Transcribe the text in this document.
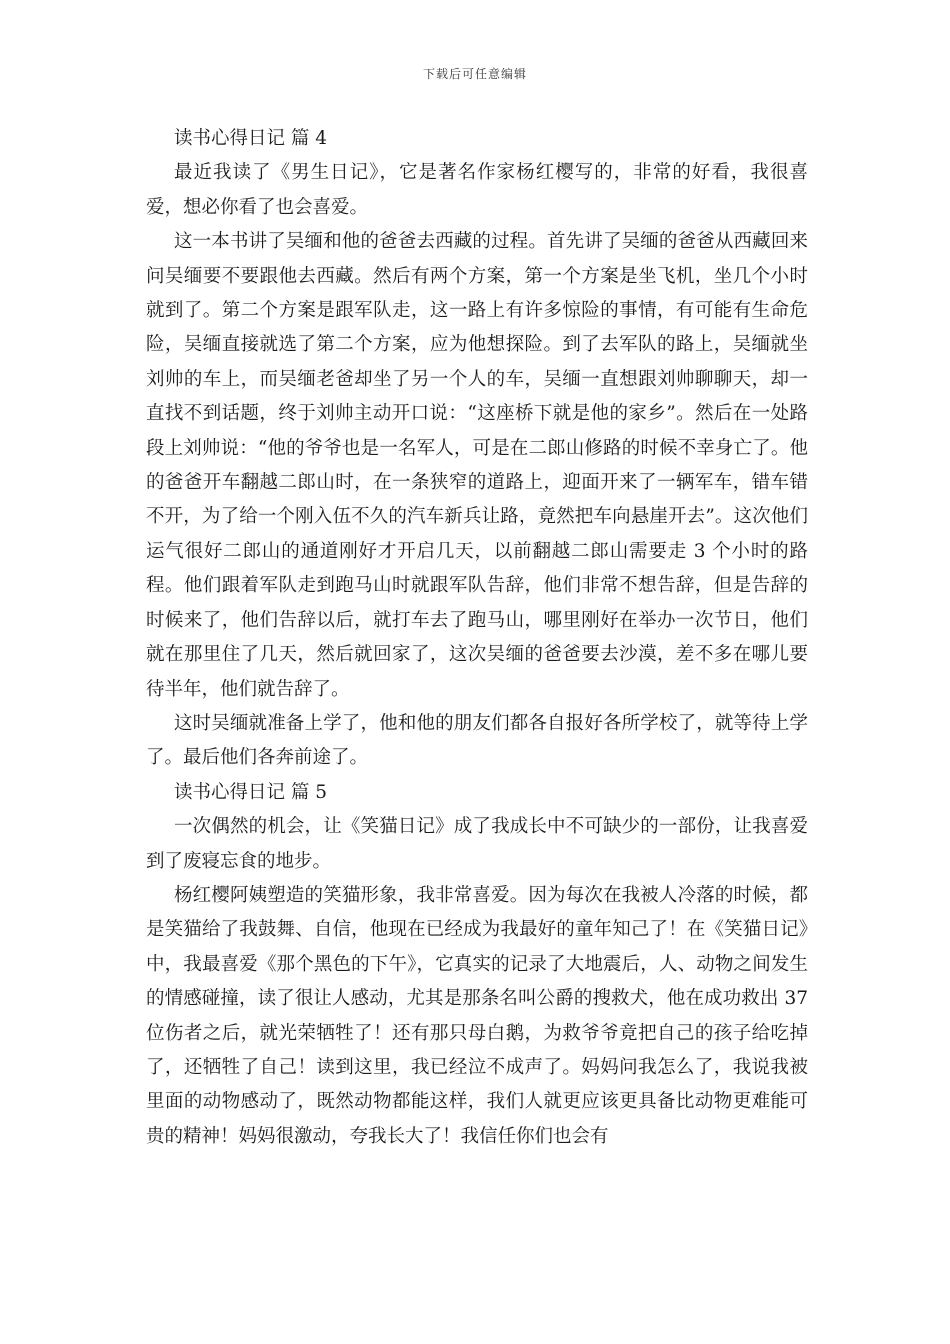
下载后可任意编辑
读书心得日记 篇 4
最近我读了《男生日记》，它是著名作家杨红樱写的，非常的好看，我很喜爱，想必你看了也会喜爱。
这一本书讲了吴缅和他的爸爸去西藏的过程。首先讲了吴缅的爸爸从西藏回来问吴缅要不要跟他去西藏。然后有两个方案，第一个方案是坐飞机，坐几个小时就到了。第二个方案是跟军队走，这一路上有许多惊险的事情，有可能有生命危险，吴缅直接就选了第二个方案，应为他想探险。到了去军队的路上，吴缅就坐刘帅的车上，而吴缅老爸却坐了另一个人的车，吴缅一直想跟刘帅聊聊天，却一直找不到话题，终于刘帅主动开口说：“这座桥下就是他的家乡”。然后在一处路段上刘帅说：“他的爷爷也是一名军人，可是在二郎山修路的时候不幸身亡了。他的爸爸开车翻越二郎山时，在一条狭窄的道路上，迎面开来了一辆军车，错车错不开，为了给一个刚入伍不久的汽车新兵让路，竟然把车向悬崖开去”。这次他们运气很好二郎山的通道刚好才开启几天，以前翻越二郎山需要走 3 个小时的路程。他们跟着军队走到跑马山时就跟军队告辞，他们非常不想告辞，但是告辞的时候来了，他们告辞以后，就打车去了跑马山，哪里刚好在举办一次节日，他们就在那里住了几天，然后就回家了，这次吴缅的爸爸要去沙漠，差不多在哪儿要待半年，他们就告辞了。
这时吴缅就准备上学了，他和他的朋友们都各自报好各所学校了，就等待上学了。最后他们各奔前途了。
读书心得日记 篇 5
一次偶然的机会，让《笑猫日记》成了我成长中不可缺少的一部份，让我喜爱到了废寝忘食的地步。
杨红樱阿姨塑造的笑猫形象，我非常喜爱。因为每次在我被人冷落的时候，都是笑猫给了我鼓舞、自信，他现在已经成为我最好的童年知己了！在《笑猫日记》中，我最喜爱《那个黑色的下午》，它真实的记录了大地震后，人、动物之间发生的情感碰撞，读了很让人感动，尤其是那条名叫公爵的搜救犬，他在成功救出 37 位伤者之后，就光荣牺牲了！还有那只母白鹅，为救爷爷竟把自己的孩子给吃掉了，还牺牲了自己！读到这里，我已经泣不成声了。妈妈问我怎么了，我说我被里面的动物感动了，既然动物都能这样，我们人就更应该更具备比动物更难能可贵的精神！妈妈很激动，夸我长大了！我信任你们也会有
